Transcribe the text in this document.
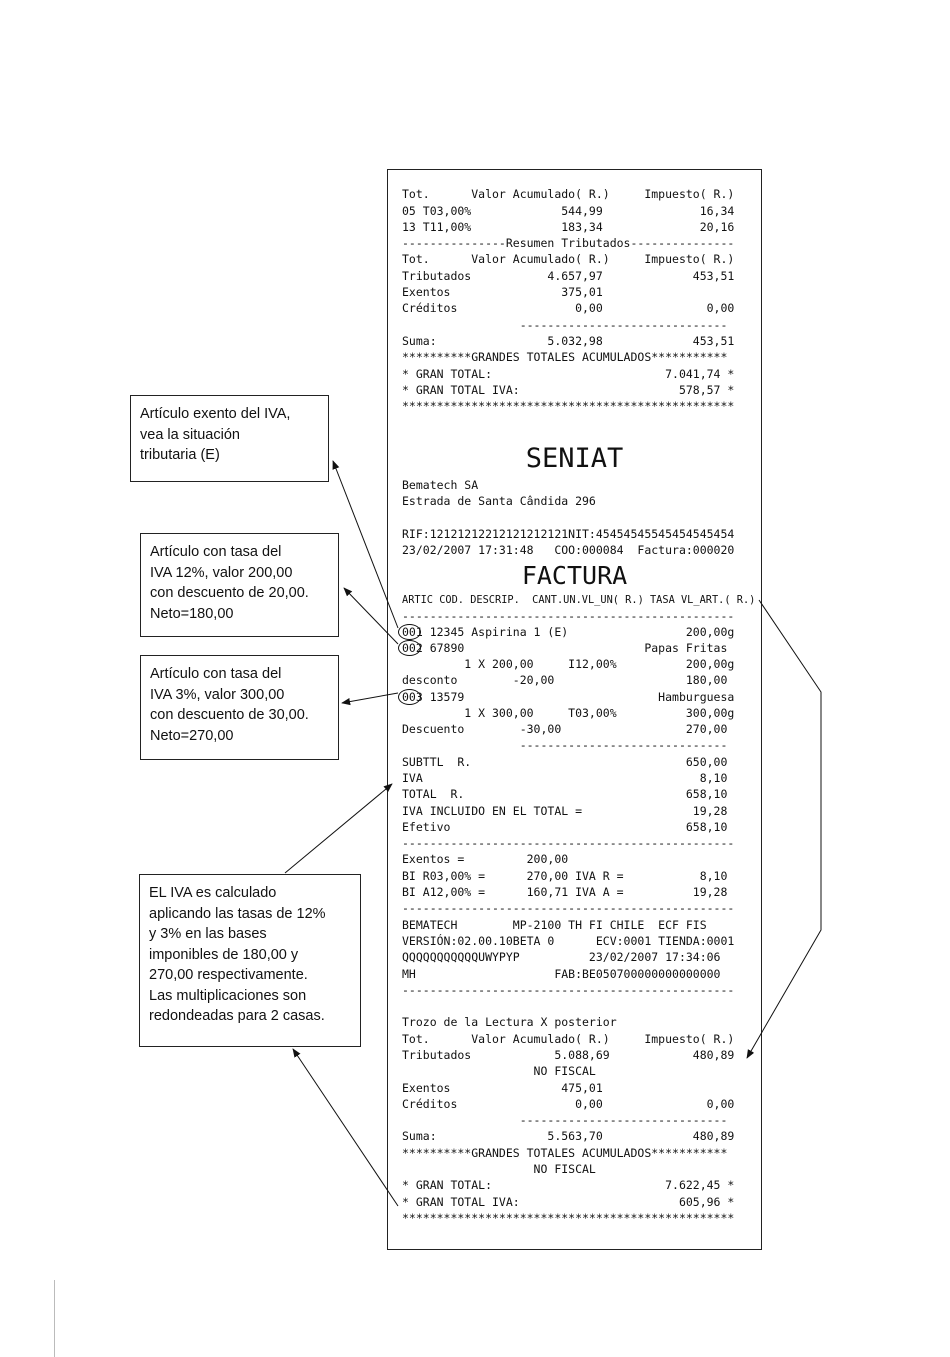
Tot.      Valor Acumulado( R.)     Impuesto( R.)
05 T03,00%             544,99              16,34
13 T11,00%             183,34              20,16
---------------Resumen Tributados---------------
Tot.      Valor Acumulado( R.)     Impuesto( R.)
Tributados           4.657,97             453,51
Exentos                375,01
Créditos                 0,00               0,00
------------------------------
Suma:                5.032,98             453,51
**********GRANDES TOTALES ACUMULADOS***********
* GRAN TOTAL:                         7.041,74 *
* GRAN TOTAL IVA:                       578,57 *
************************************************
SENIAT
Bematech SA
Estrada de Santa Cândida 296
RIF:12121212212121212121NIT:45454545545454545454
23/02/2007 17:31:48   COO:000084  Factura:000020
FACTURA
ARTIC COD. DESCRIP.  CANT.UN.VL_UN( R.) TASA VL_ART.( R.)
------------------------------------------------
001 12345 Aspirina 1 (E)                 200,00g
002 67890                          Papas Fritas
1 X 200,00     I12,00%          200,00g
desconto        -20,00                   180,00
003 13579                            Hamburguesa
1 X 300,00     T03,00%          300,00g
Descuento        -30,00                  270,00
------------------------------
SUBTTL  R.                               650,00
IVA                                        8,10
TOTAL  R.                                658,10
IVA INCLUIDO EN EL TOTAL =                19,28
Efetivo                                  658,10
------------------------------------------------
Exentos =         200,00
BI R03,00% =      270,00 IVA R =           8,10
BI A12,00% =      160,71 IVA A =          19,28
------------------------------------------------
BEMATECH        MP-2100 TH FI CHILE  ECF FIS
VERSIÓN:02.00.10BETA 0      ECV:0001 TIENDA:0001
QQQQQQQQQQQUWYPYP          23/02/2007 17:34:06
MH                    FAB:BE050700000000000000
------------------------------------------------
Trozo de la Lectura X posterior
Tot.      Valor Acumulado( R.)     Impuesto( R.)
Tributados            5.088,69            480,89
NO FISCAL
Exentos                475,01
Créditos                 0,00               0,00
------------------------------
Suma:                5.563,70             480,89
**********GRANDES TOTALES ACUMULADOS***********
NO FISCAL
* GRAN TOTAL:                         7.622,45 *
* GRAN TOTAL IVA:                       605,96 *
************************************************
Artículo exento del IVA,
vea la situación
tributaria (E)
Artículo con tasa del
IVA 12%, valor 200,00
con descuento de 20,00.
Neto=180,00
Artículo con tasa del
IVA 3%, valor 300,00
con descuento de 30,00.
Neto=270,00
EL IVA es calculado
aplicando las tasas de 12%
y 3% en las bases
imponibles de 180,00 y
270,00 respectivamente.
Las multiplicaciones son
redondeadas para 2 casas.
